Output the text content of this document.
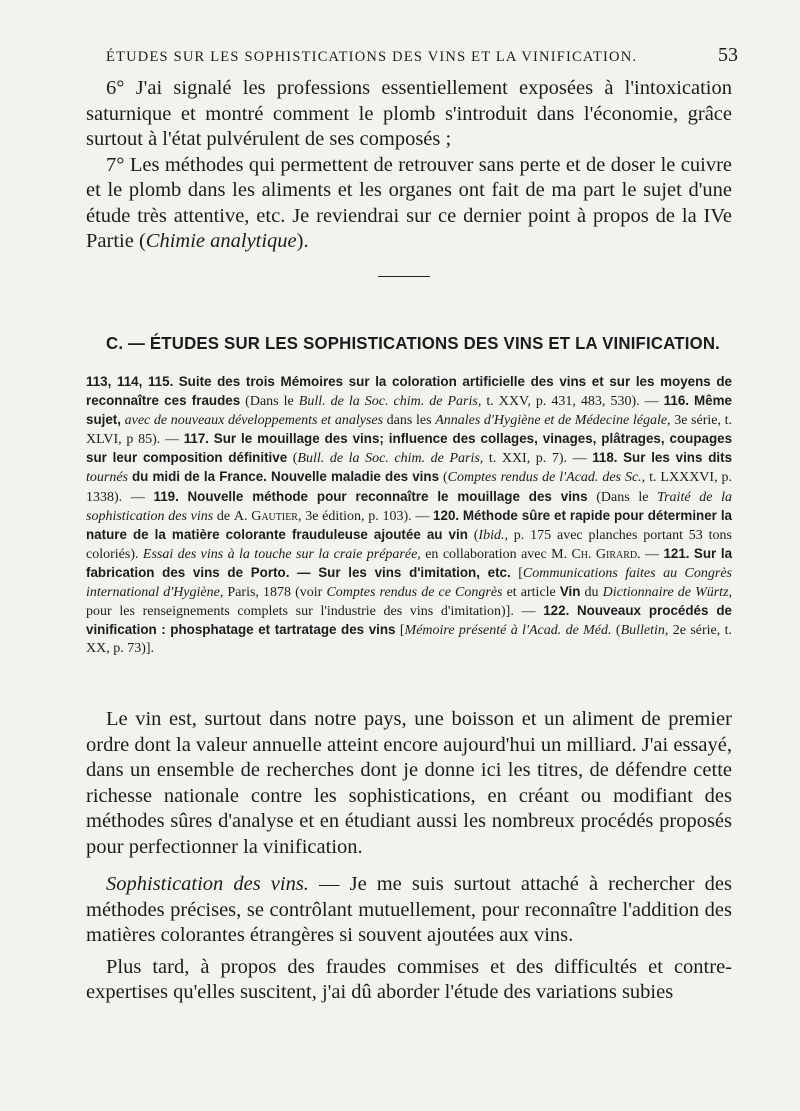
ÉTUDES SUR LES SOPHISTICATIONS DES VINS ET LA VINIFICATION.	53

6° J'ai signalé les professions essentiellement exposées à l'intoxication saturnique et montré comment le plomb s'introduit dans l'économie, grâce surtout à l'état pulvérulent de ses composés ;

7° Les méthodes qui permettent de retrouver sans perte et de doser le cuivre et le plomb dans les aliments et les organes ont fait de ma part le sujet d'une étude très attentive, etc. Je reviendrai sur ce dernier point à propos de la IVe Partie (Chimie analytique).

C. — ÉTUDES SUR LES SOPHISTICATIONS DES VINS ET LA VINIFICATION.

113, 114, 115. Suite des trois Mémoires sur la coloration artificielle des vins et sur les moyens de reconnaître ces fraudes (Dans le Bull. de la Soc. chim. de Paris, t. XXV, p. 431, 483, 530). — 116. Même sujet, avec de nouveaux développements et analyses dans les Annales d'Hygiène et de Médecine légale, 3e série, t. XLVI, p 85). — 117. Sur le mouillage des vins; influence des collages, vinages, plâtrages, coupages sur leur composition définitive (Bull. de la Soc. chim. de Paris, t. XXI, p. 7). — 118. Sur les vins dits tournés du midi de la France. Nouvelle maladie des vins (Comptes rendus de l'Acad. des Sc., t. LXXXVI, p. 1338). — 119. Nouvelle méthode pour reconnaître le mouillage des vins (Dans le Traité de la sophistication des vins de A. Gautier, 3e édition, p. 103). — 120. Méthode sûre et rapide pour déterminer la nature de la matière colorante frauduleuse ajoutée au vin (Ibid., p. 175 avec planches portant 53 tons coloriés). Essai des vins à la touche sur la craie préparée, en collaboration avec M. Ch. Girard. — 121. Sur la fabrication des vins de Porto. — Sur les vins d'imitation, etc. [Communications faites au Congrès international d'Hygiène, Paris, 1878 (voir Comptes rendus de ce Congrès et article Vin du Dictionnaire de Würtz, pour les renseignements complets sur l'industrie des vins d'imitation)]. — 122. Nouveaux procédés de vinification : phosphatage et tartratage des vins [Mémoire présenté à l'Acad. de Méd. (Bulletin, 2e série, t. XX, p. 73)].

Le vin est, surtout dans notre pays, une boisson et un aliment de premier ordre dont la valeur annuelle atteint encore aujourd'hui un milliard. J'ai essayé, dans un ensemble de recherches dont je donne ici les titres, de défendre cette richesse nationale contre les sophistications, en créant ou modifiant des méthodes sûres d'analyse et en étudiant aussi les nombreux procédés proposés pour perfectionner la vinification.

Sophistication des vins. — Je me suis surtout attaché à rechercher des méthodes précises, se contrôlant mutuellement, pour reconnaître l'addition des matières colorantes étrangères si souvent ajoutées aux vins.

Plus tard, à propos des fraudes commises et des difficultés et contre-expertises qu'elles suscitent, j'ai dû aborder l'étude des variations subies
